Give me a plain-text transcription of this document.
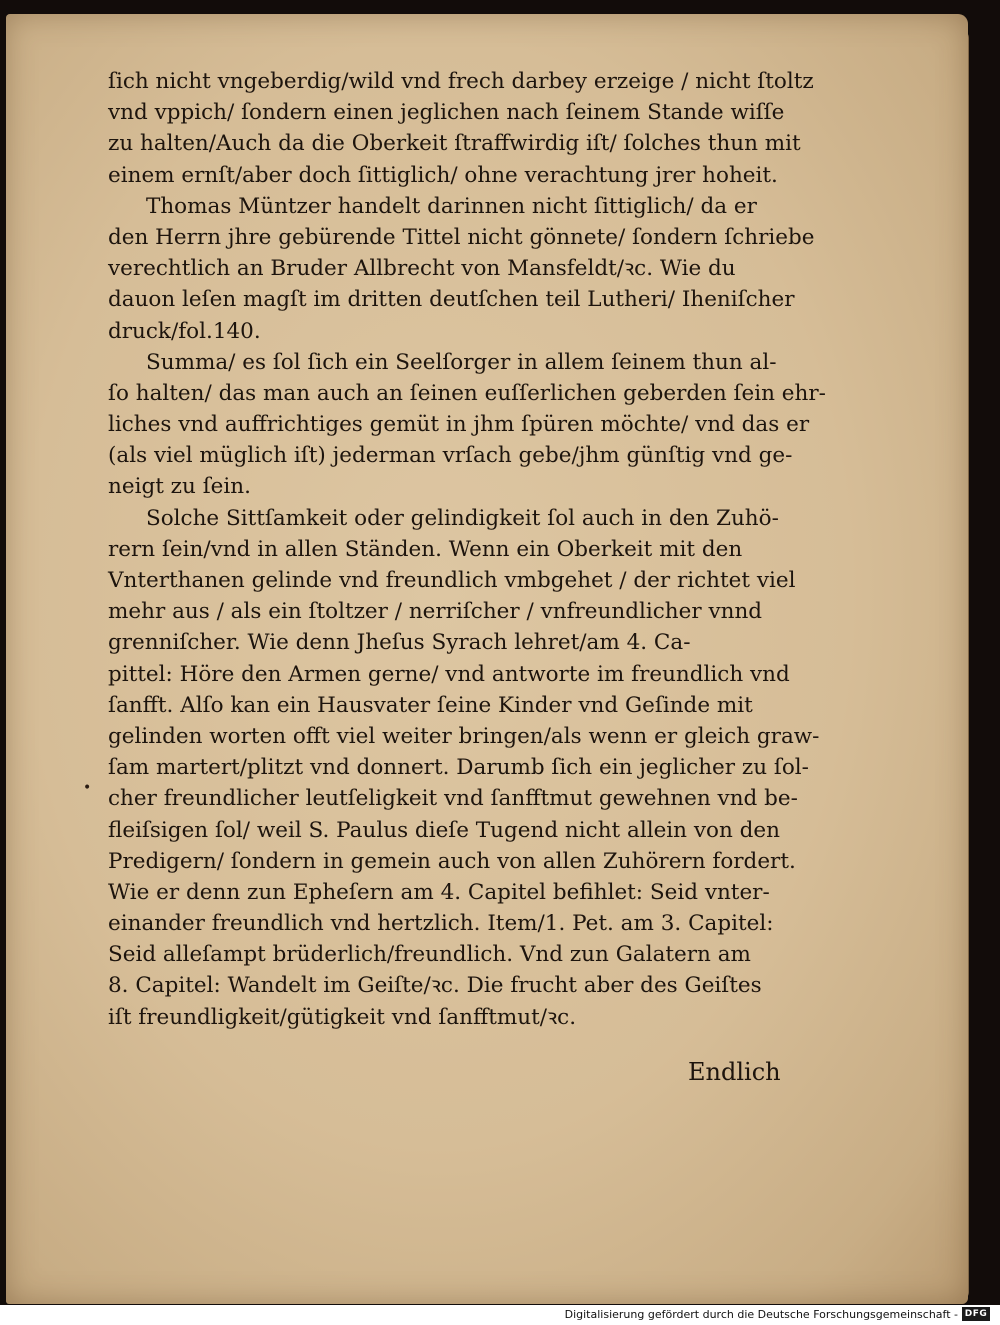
ſich nicht vngeberdig/wild vnd frech darbey erzeige / nicht ſtoltz
vnd vppich/ ſondern einen jeglichen nach ſeinem Stande wiſſe
zu halten/Auch da die Oberkeit ſtraffwirdig iſt/ ſolches thun mit
einem ernſt/aber doch ſittiglich/ ohne verachtung jrer hoheit.
Thomas Müntzer handelt darinnen nicht ſittiglich/ da er
den Herrn jhre gebürende Tittel nicht gönnete/ ſondern ſchriebe
verechtlich an Bruder Allbrecht von Mansfeldt/ꝛc. Wie du
dauon leſen magſt im dritten deutſchen teil Lutheri/ Iheniſcher
druck/fol.140.
Summa/ es ſol ſich ein Seelſorger in allem ſeinem thun al-
ſo halten/ das man auch an ſeinen euſſerlichen geberden ſein ehr-
liches vnd auffrichtiges gemüt in jhm ſpüren möchte/ vnd das er
(als viel müglich iſt) jederman vrſach gebe/jhm günſtig vnd ge-
neigt zu ſein.
Solche Sittſamkeit oder gelindigkeit ſol auch in den Zuhö-
rern ſein/vnd in allen Ständen. Wenn ein Oberkeit mit den
Vnterthanen gelinde vnd freundlich vmbgehet / der richtet viel
mehr aus / als ein ſtoltzer / nerriſcher / vnfreundlicher vnnd
grenniſcher. Wie denn Jheſus Syrach lehret/am 4. Ca-
pittel: Höre den Armen gerne/ vnd antworte im freundlich vnd
ſanfft. Alſo kan ein Hausvater ſeine Kinder vnd Geſinde mit
gelinden worten offt viel weiter bringen/als wenn er gleich graw-
ſam martert/plitzt vnd donnert. Darumb ſich ein jeglicher zu ſol-
cher freundlicher leutſeligkeit vnd ſanfftmut gewehnen vnd be-
fleiſsigen ſol/ weil S. Paulus dieſe Tugend nicht allein von den
Predigern/ ſondern in gemein auch von allen Zuhörern fordert.
Wie er denn zun Epheſern am 4. Capitel befihlet: Seid vnter-
einander freundlich vnd hertzlich. Item/1. Pet. am 3. Capitel:
Seid alleſampt brüderlich/freundlich. Vnd zun Galatern am
8. Capitel: Wandelt im Geiſte/ꝛc. Die frucht aber des Geiſtes
iſt freundligkeit/gütigkeit vnd ſanfftmut/ꝛc.
•
Endlich
Digitalisierung gefördert durch die Deutsche Forschungsgemeinschaft - DFG
